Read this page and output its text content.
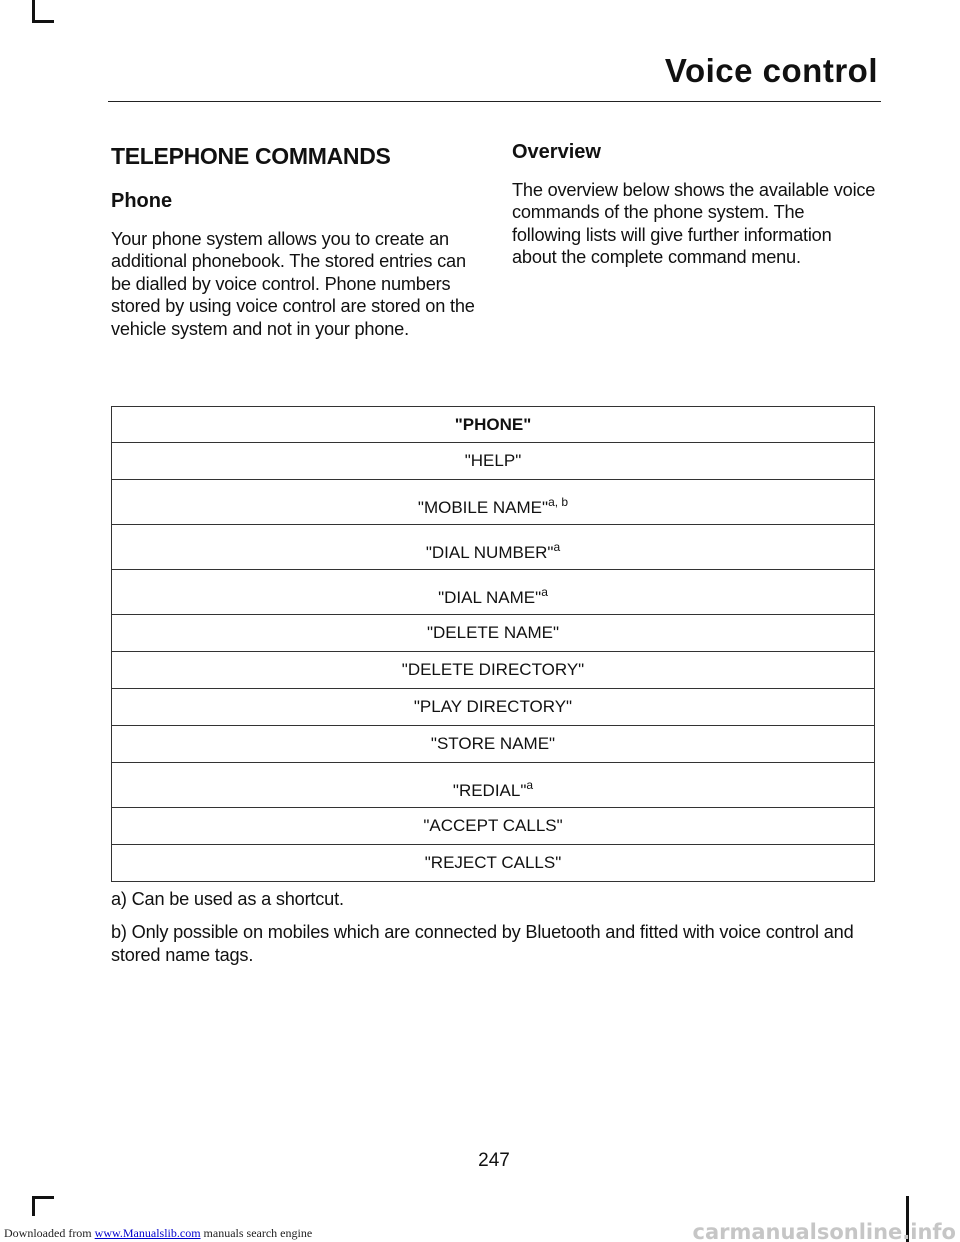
Voice control
TELEPHONE COMMANDS
Phone
Your phone system allows you to create an additional phonebook. The stored entries can be dialled by voice control. Phone numbers stored by using voice control are stored on the vehicle system and not in your phone.
Overview
The overview below shows the available voice commands of the phone system. The following lists will give further information about the complete command menu.
"PHONE"
"HELP"
"MOBILE NAME"$^{a, b}$
"DIAL NUMBER"$^a$
"DIAL NAME"$^a$
"DELETE NAME"
"DELETE DIRECTORY"
"PLAY DIRECTORY"
"STORE NAME"
"REDIAL"$^a$
"ACCEPT CALLS"
"REJECT CALLS"
a) Can be used as a shortcut.
b) Only possible on mobiles which are connected by Bluetooth and fitted with voice control and stored name tags.
247
Downloaded from www.Manualslib.com manuals search engine	carmanualsonline.info
